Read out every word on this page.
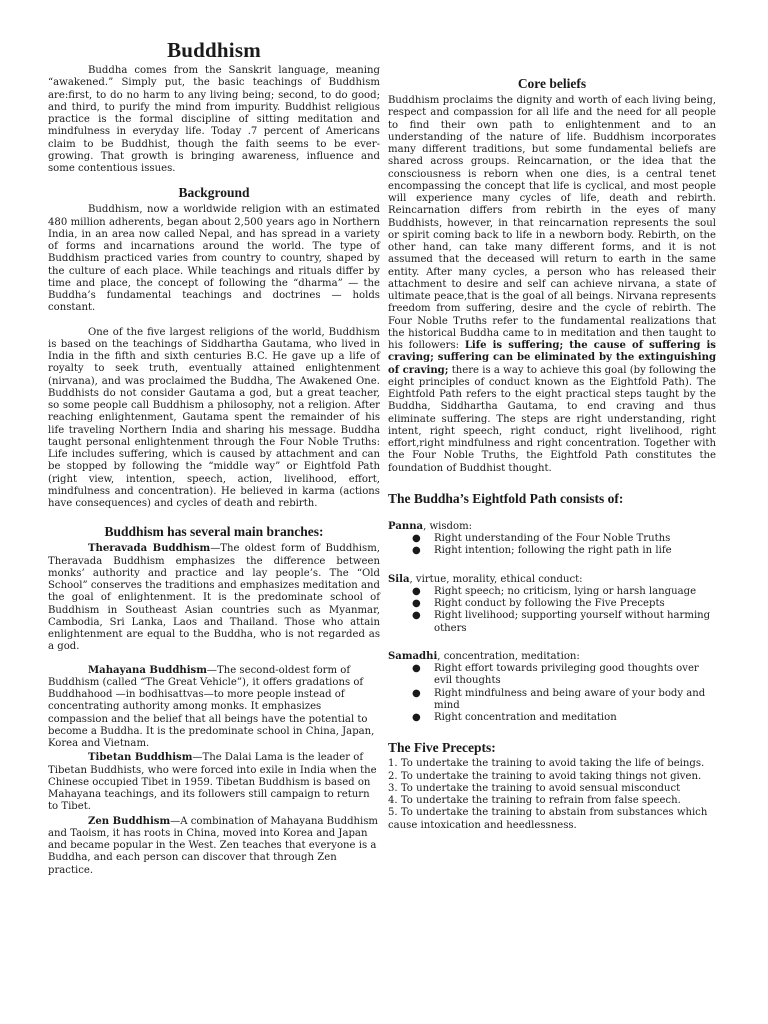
Buddhism

Buddha comes from the Sanskrit language, meaning “awakened.” Simply put, the basic teachings of Buddhism are:first, to do no harm to any living being; second, to do good; and third, to purify the mind from impurity. Buddhist religious practice is the formal discipline of sitting meditation and mindfulness in everyday life. Today .7 percent of Americans claim to be Buddhist, though the faith seems to be ever-growing. That growth is bringing awareness, influence and some contentious issues.

Background

Buddhism, now a worldwide religion with an estimated 480 million adherents, began about 2,500 years ago in Northern India, in an area now called Nepal, and has spread in a variety of forms and incarnations around the world. The type of Buddhism practiced varies from country to country, shaped by the culture of each place. While teachings and rituals differ by time and place, the concept of following the “dharma” — the Buddha’s fundamental teachings and doctrines — holds constant.

One of the five largest religions of the world, Buddhism is based on the teachings of Siddhartha Gautama, who lived in India in the fifth and sixth centuries B.C. He gave up a life of royalty to seek truth, eventually attained enlightenment (nirvana), and was proclaimed the Buddha, The Awakened One. Buddhists do not consider Gautama a god, but a great teacher, so some people call Buddhism a philosophy, not a religion. After reaching enlightenment, Gautama spent the remainder of his life traveling Northern India and sharing his message. Buddha taught personal enlightenment through the Four Noble Truths: Life includes suffering, which is caused by attachment and can be stopped by following the “middle way” or Eightfold Path (right view, intention, speech, action, livelihood, effort, mindfulness and concentration). He believed in karma (actions have consequences) and cycles of death and rebirth.

Buddhism has several main branches:

Theravada Buddhism—The oldest form of Buddhism, Theravada Buddhism emphasizes the difference between monks’ authority and practice and lay people’s. The “Old School” conserves the traditions and emphasizes meditation and the goal of enlightenment. It is the predominate school of Buddhism in Southeast Asian countries such as Myanmar, Cambodia, Sri Lanka, Laos and Thailand. Those who attain enlightenment are equal to the Buddha, who is not regarded as a god.

Mahayana Buddhism—The second-oldest form of Buddhism (called “The Great Vehicle”), it offers gradations of Buddhahood —in bodhisattvas—to more people instead of concentrating authority among monks. It emphasizes compassion and the belief that all beings have the potential to become a Buddha. It is the predominate school in China, Japan, Korea and Vietnam.

Tibetan Buddhism—The Dalai Lama is the leader of Tibetan Buddhists, who were forced into exile in India when the Chinese occupied Tibet in 1959. Tibetan Buddhism is based on Mahayana teachings, and its followers still campaign to return to Tibet.

Zen Buddhism—A combination of Mahayana Buddhism and Taoism, it has roots in China, moved into Korea and Japan and became popular in the West. Zen teaches that everyone is a Buddha, and each person can discover that through Zen practice.

Core beliefs

Buddhism proclaims the dignity and worth of each living being, respect and compassion for all life and the need for all people to find their own path to enlightenment and to an understanding of the nature of life. Buddhism incorporates many different traditions, but some fundamental beliefs are shared across groups. Reincarnation, or the idea that the consciousness is reborn when one dies, is a central tenet encompassing the concept that life is cyclical, and most people will experience many cycles of life, death and rebirth. Reincarnation differs from rebirth in the eyes of many Buddhists, however, in that reincarnation represents the soul or spirit coming back to life in a newborn body. Rebirth, on the other hand, can take many different forms, and it is not assumed that the deceased will return to earth in the same entity. After many cycles, a person who has released their attachment to desire and self can achieve nirvana, a state of ultimate peace,that is the goal of all beings. Nirvana represents freedom from suffering, desire and the cycle of rebirth. The Four Noble Truths refer to the fundamental realizations that the historical Buddha came to in meditation and then taught to his followers: Life is suffering; the cause of suffering is craving; suffering can be eliminated by the extinguishing of craving; there is a way to achieve this goal (by following the eight principles of conduct known as the Eightfold Path). The Eightfold Path refers to the eight practical steps taught by the Buddha, Siddhartha Gautama, to end craving and thus eliminate suffering. The steps are right understanding, right intent, right speech, right conduct, right livelihood, right effort,right mindfulness and right concentration. Together with the Four Noble Truths, the Eightfold Path constitutes the foundation of Buddhist thought.

The Buddha’s Eightfold Path consists of:
Panna, wisdom:
● Right understanding of the Four Noble Truths
● Right intention; following the right path in life
Sila, virtue, morality, ethical conduct:
● Right speech; no criticism, lying or harsh language
● Right conduct by following the Five Precepts
● Right livelihood; supporting yourself without harming others
Samadhi, concentration, meditation:
● Right effort towards privileging good thoughts over evil thoughts
● Right mindfulness and being aware of your body and mind
● Right concentration and meditation
The Five Precepts:
1. To undertake the training to avoid taking the life of beings.
2. To undertake the training to avoid taking things not given.
3. To undertake the training to avoid sensual misconduct
4. To undertake the training to refrain from false speech.
5. To undertake the training to abstain from substances which cause intoxication and heedlessness.
